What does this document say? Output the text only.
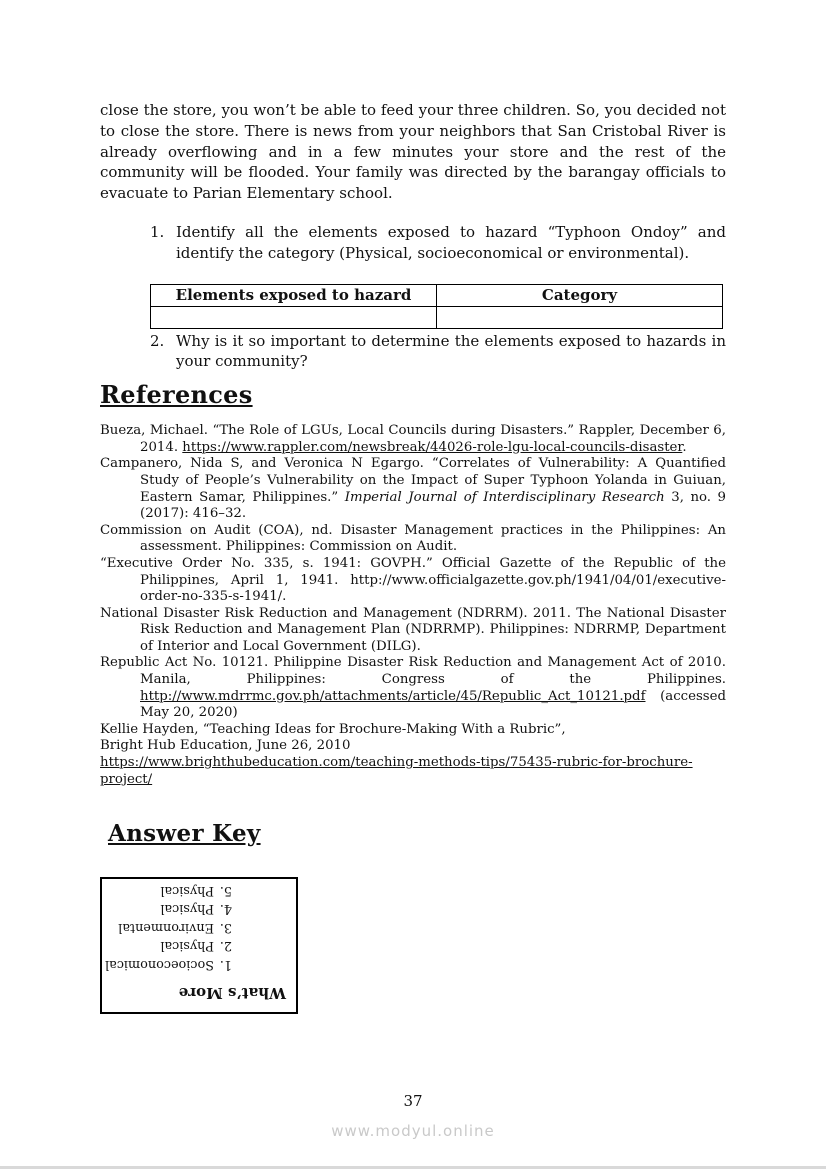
close the store, you won’t be able to feed your three children. So, you decided not to close the store. There is news from your neighbors that San Cristobal River is already overflowing and in a few minutes your store and the rest of the community will be flooded. Your family was directed by the barangay officials to evacuate to Parian Elementary school.

1. Identify all the elements exposed to hazard “Typhoon Ondoy” and identify the category (Physical, socioeconomical or environmental).

Elements exposed to hazard	Category

2. Why is it so important to determine the elements exposed to hazards in your community?

References

Bueza, Michael. “The Role of LGUs, Local Councils during Disasters.” Rappler, December 6, 2014. https://www.rappler.com/newsbreak/44026-role-lgu-local-councils-disaster.

Campanero, Nida S, and Veronica N Egargo. “Correlates of Vulnerability: A Quantified Study of People’s Vulnerability on the Impact of Super Typhoon Yolanda in Guiuan, Eastern Samar, Philippines.” Imperial Journal of Interdisciplinary Research 3, no. 9 (2017): 416–32.

Commission on Audit (COA), nd. Disaster Management practices in the Philippines: An assessment. Philippines: Commission on Audit.

“Executive Order No. 335, s. 1941: GOVPH.” Official Gazette of the Republic of the Philippines, April 1, 1941. http://www.officialgazette.gov.ph/1941/04/01/executive-order-no-335-s-1941/.

National Disaster Risk Reduction and Management (NDRRM). 2011. The National Disaster Risk Reduction and Management Plan (NDRRMP). Philippines: NDRRMP, Department of Interior and Local Government (DILG).

Republic Act No. 10121. Philippine Disaster Risk Reduction and Management Act of 2010. Manila, Philippines: Congress of the Philippines. http://www.mdrrmc.gov.ph/attachments/article/45/Republic_Act_10121.pdf (accessed May 20, 2020)

Kellie Hayden, “Teaching Ideas for Brochure-Making With a Rubric”,

Bright Hub Education, June 26, 2010

https://www.brighthubeducation.com/teaching-methods-tips/75435-rubric-for-brochure-project/

Answer Key
What’s More
1.Socioeconomical
2.Physical
3.Environmental
4.Physical
5.Physical
37
www.modyul.online
